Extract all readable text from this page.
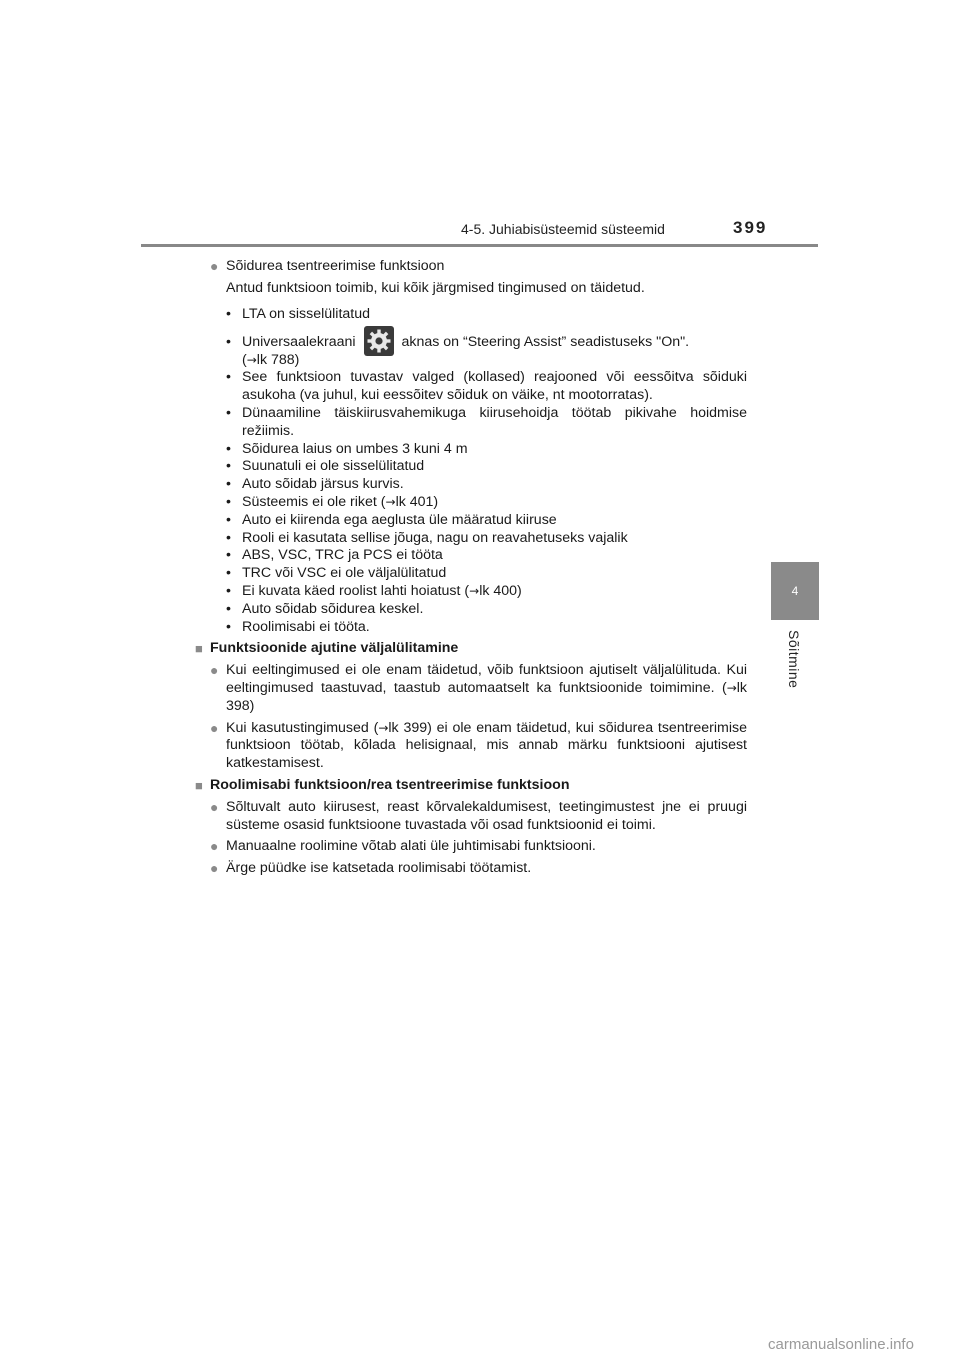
4-5. Juhiabisüsteemid süsteemid	399
4
Sõitmine
● Sõidurea tsentreerimise funktsioon

Antud funktsioon toimib, kui kõik järgmised tingimused on täidetud.

• LTA on sisselülitatud
• Universaalekraani	aknas on “Steering Assist” seadistuseks "On".
(→lk 788)
• See funktsioon tuvastav valged (kollased) reajooned või eessõitva sõiduki asukoha (va juhul, kui eessõitev sõiduk on väike, nt mootorratas).
• Dünaamiline täiskiirusvahemikuga kiirusehoidja töötab pikivahe hoidmise režiimis.
• Sõidurea laius on umbes 3 kuni 4 m
• Suunatuli ei ole sisselülitatud
• Auto sõidab järsus kurvis.
• Süsteemis ei ole riket (→lk 401)
• Auto ei kiirenda ega aeglusta üle määratud kiiruse
• Rooli ei kasutata sellise jõuga, nagu on reavahetuseks vajalik
• ABS, VSC, TRC ja PCS ei tööta
• TRC või VSC ei ole väljalülitatud
• Ei kuvata käed roolist lahti hoiatust (→lk 400)
• Auto sõidab sõidurea keskel.
• Roolimisabi ei tööta.
■ Funktsioonide ajutine väljalülitamine
● Kui eeltingimused ei ole enam täidetud, võib funktsioon ajutiselt väljalülituda. Kui eeltingimused taastuvad, taastub automaatselt ka funktsioonide toimimine. (→lk 398)
● Kui kasutustingimused (→lk 399) ei ole enam täidetud, kui sõidurea tsentreerimise funktsioon töötab, kõlada helisignaal, mis annab märku funktsiooni ajutisest katkestamisest.
■ Roolimisabi funktsioon/rea tsentreerimise funktsioon
● Sõltuvalt auto kiirusest, reast kõrvalekaldumisest, teetingimustest jne ei pruugi süsteme osasid funktsioone tuvastada või osad funktsioonid ei toimi.
● Manuaalne roolimine võtab alati üle juhtimisabi funktsiooni.
● Ärge püüdke ise katsetada roolimisabi töötamist.
carmanualsonline.info
